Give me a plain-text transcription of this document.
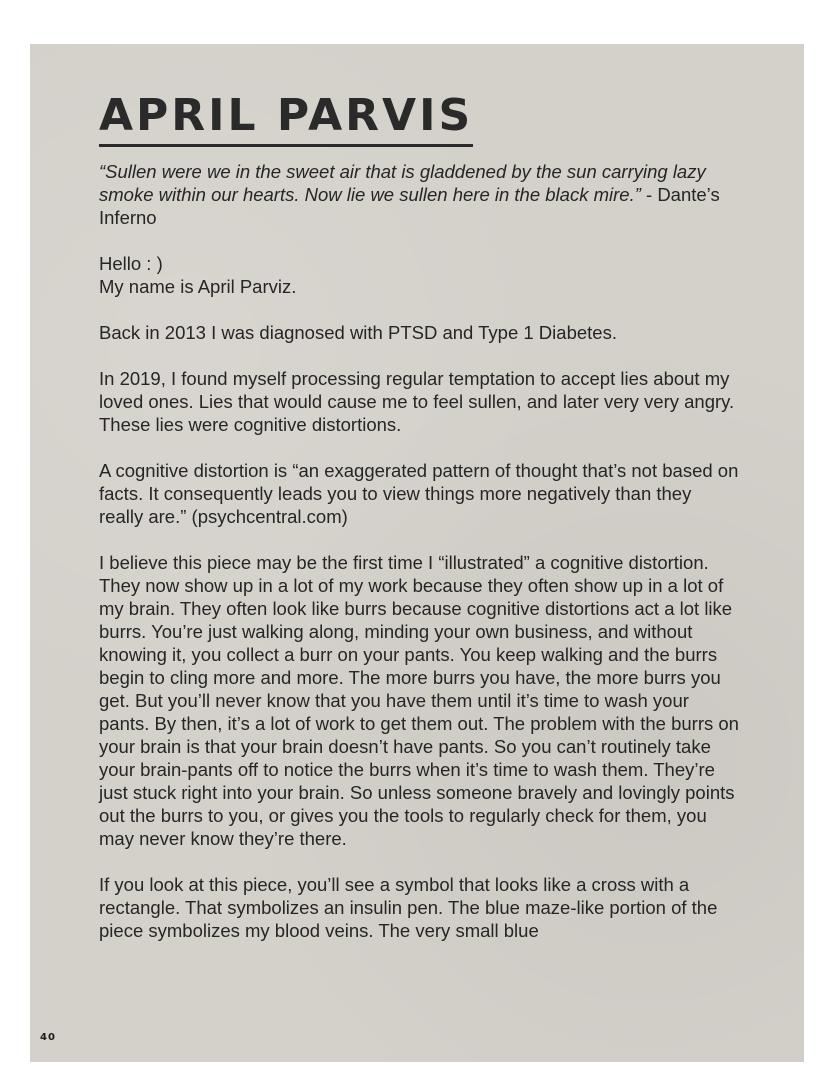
APRIL PARVIS

“Sullen were we in the sweet air that is gladdened by the sun carrying lazy smoke within our hearts. Now lie we sullen here in the black mire.” - Dante’s Inferno

Hello : )
My name is April Parviz.

Back in 2013 I was diagnosed with PTSD and Type 1 Diabetes.

In 2019, I found myself processing regular temptation to accept lies about my loved ones. Lies that would cause me to feel sullen, and later very very angry. These lies were cognitive distortions.

A cognitive distortion is “an exaggerated pattern of thought that’s not based on facts. It consequently leads you to view things more negatively than they really are.” (psychcentral.com)

I believe this piece may be the first time I “illustrated” a cognitive distortion. They now show up in a lot of my work because they often show up in a lot of my brain. They often look like burrs because cognitive distortions act a lot like burrs. You’re just walking along, minding your own business, and without knowing it, you collect a burr on your pants. You keep walking and the burrs begin to cling more and more. The more burrs you have, the more burrs you get. But you’ll never know that you have them until it’s time to wash your pants. By then, it’s a lot of work to get them out. The problem with the burrs on your brain is that your brain doesn’t have pants. So you can’t routinely take your brain-pants off to notice the burrs when it’s time to wash them. They’re just stuck right into your brain. So unless someone bravely and lovingly points out the burrs to you, or gives you the tools to regularly check for them, you may never know they’re there.

If you look at this piece, you’ll see a symbol that looks like a cross with a rectangle. That symbolizes an insulin pen. The blue maze-like portion of the piece symbolizes my blood veins. The very small blue

40
